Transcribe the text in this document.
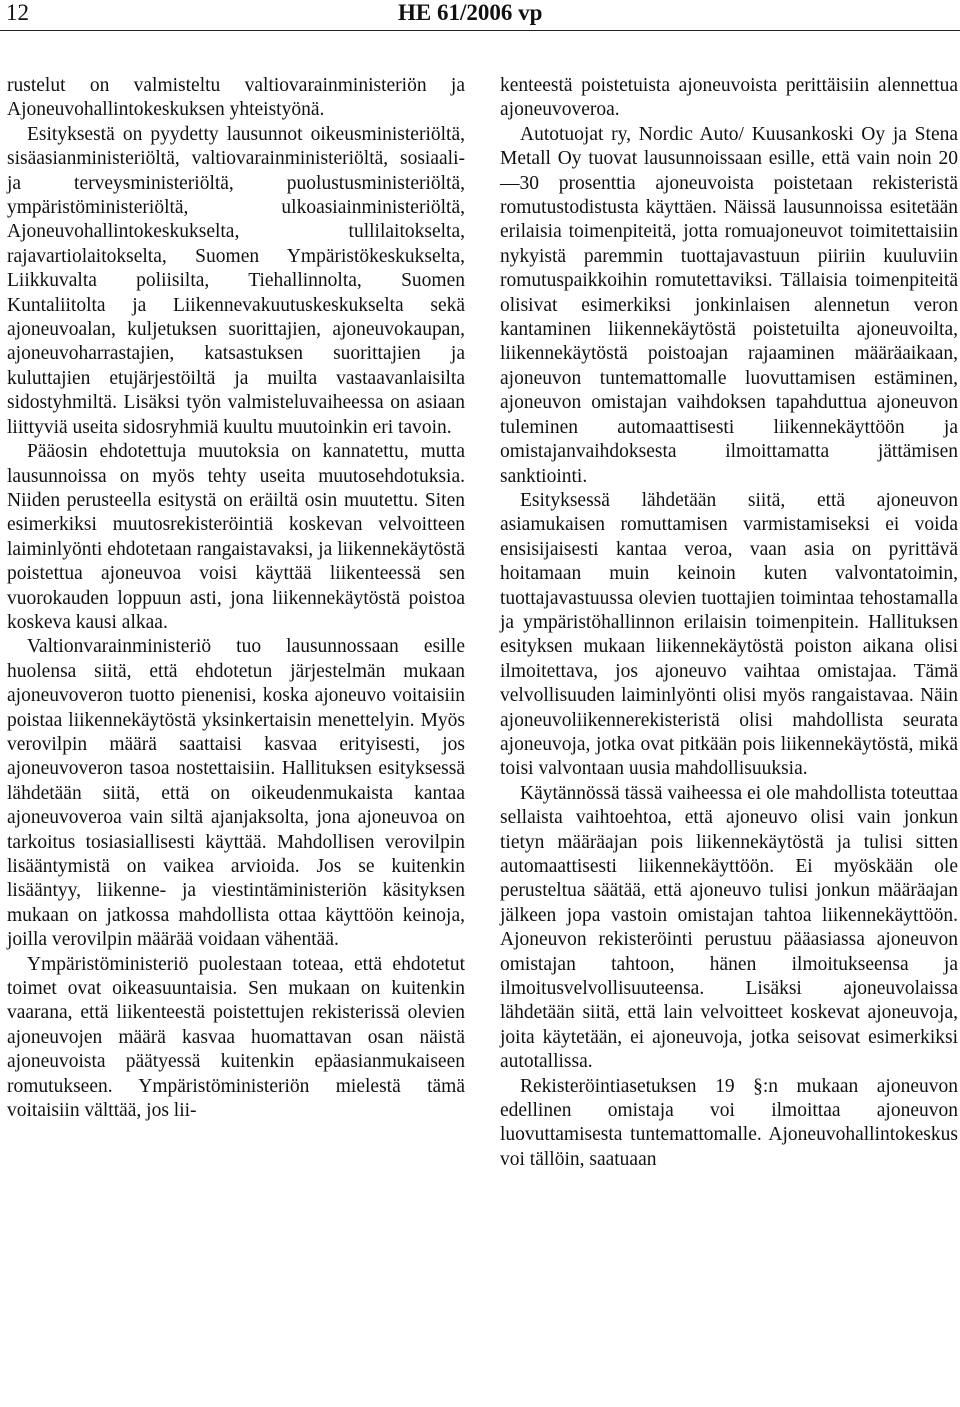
12	HE 61/2006 vp

rustelut on valmisteltu valtiovarainministeriön ja Ajoneuvohallintokeskuksen yhteistyönä.

Esityksestä on pyydetty lausunnot oikeusministeriöltä, sisäasianministeriöltä, valtiovarainministeriöltä, sosiaali- ja terveysministeriöltä, puolustusministeriöltä, ympäristöministeriöltä, ulkoasiainministeriöltä, Ajoneuvohallintokeskukselta, tullilaitokselta, rajavartiolaitokselta, Suomen Ympäristökeskukselta, Liikkuvalta poliisilta, Tiehallinnolta, Suomen Kuntaliitolta ja Liikennevakuutuskeskukselta sekä ajoneuvoalan, kuljetuksen suorittajien, ajoneuvokaupan, ajoneuvoharrastajien, katsastuksen suorittajien ja kuluttajien etujärjestöiltä ja muilta vastaavanlaisilta sidostyhmiltä. Lisäksi työn valmisteluvaiheessa on asiaan liittyviä useita sidosryhmiä kuultu muutoinkin eri tavoin.

Pääosin ehdotettuja muutoksia on kannatettu, mutta lausunnoissa on myös tehty useita muutosehdotuksia. Niiden perusteella esitystä on eräiltä osin muutettu. Siten esimerkiksi muutosrekisteröintiä koskevan velvoitteen laiminlyönti ehdotetaan rangaistavaksi, ja liikennekäytöstä poistettua ajoneuvoa voisi käyttää liikenteessä sen vuorokauden loppuun asti, jona liikennekäytöstä poistoa koskeva kausi alkaa.

Valtionvarainministeriö tuo lausunnossaan esille huolensa siitä, että ehdotetun järjestelmän mukaan ajoneuvoveron tuotto pienenisi, koska ajoneuvo voitaisiin poistaa liikennekäytöstä yksinkertaisin menettelyin. Myös verovilpin määrä saattaisi kasvaa erityisesti, jos ajoneuvoveron tasoa nostettaisiin. Hallituksen esityksessä lähdetään siitä, että on oikeudenmukaista kantaa ajoneuvoveroa vain siltä ajanjaksolta, jona ajoneuvoa on tarkoitus tosiasiallisesti käyttää. Mahdollisen verovilpin lisääntymistä on vaikea arvioida. Jos se kuitenkin lisääntyy, liikenne- ja viestintäministeriön käsityksen mukaan on jatkossa mahdollista ottaa käyttöön keinoja, joilla verovilpin määrää voidaan vähentää.

Ympäristöministeriö puolestaan toteaa, että ehdotetut toimet ovat oikeasuuntaisia. Sen mukaan on kuitenkin vaarana, että liikenteestä poistettujen rekisterissä olevien ajoneuvojen määrä kasvaa huomattavan osan näistä ajoneuvoista päätyessä kuitenkin epäasianmukaiseen romutukseen. Ympäristöministeriön mielestä tämä voitaisiin välttää, jos lii-

kenteestä poistetuista ajoneuvoista perittäisiin alennettua ajoneuvoveroa.

Autotuojat ry, Nordic Auto/ Kuusankoski Oy ja Stena Metall Oy tuovat lausunnoissaan esille, että vain noin 20—30 prosenttia ajoneuvoista poistetaan rekisteristä romutustodistusta käyttäen. Näissä lausunnoissa esitetään erilaisia toimenpiteitä, jotta romuajoneuvot toimitettaisiin nykyistä paremmin tuottajavastuun piiriin kuuluviin romutuspaikkoihin romutettaviksi. Tällaisia toimenpiteitä olisivat esimerkiksi jonkinlaisen alennetun veron kantaminen liikennekäytöstä poistetuilta ajoneuvoilta, liikennekäytöstä poistoajan rajaaminen määräaikaan, ajoneuvon tuntemattomalle luovuttamisen estäminen, ajoneuvon omistajan vaihdoksen tapahduttua ajoneuvon tuleminen automaattisesti liikennekäyttöön ja omistajanvaihdoksesta ilmoittamatta jättämisen sanktiointi.

Esityksessä lähdetään siitä, että ajoneuvon asiamukaisen romuttamisen varmistamiseksi ei voida ensisijaisesti kantaa veroa, vaan asia on pyrittävä hoitamaan muin keinoin kuten valvontatoimin, tuottajavastuussa olevien tuottajien toimintaa tehostamalla ja ympäristöhallinnon erilaisin toimenpitein. Hallituksen esityksen mukaan liikennekäytöstä poiston aikana olisi ilmoitettava, jos ajoneuvo vaihtaa omistajaa. Tämä velvollisuuden laiminlyönti olisi myös rangaistavaa. Näin ajoneuvoliikennerekisteristä olisi mahdollista seurata ajoneuvoja, jotka ovat pitkään pois liikennekäytöstä, mikä toisi valvontaan uusia mahdollisuuksia.

Käytännössä tässä vaiheessa ei ole mahdollista toteuttaa sellaista vaihtoehtoa, että ajoneuvo olisi vain jonkun tietyn määräajan pois liikennekäytöstä ja tulisi sitten automaattisesti liikennekäyttöön. Ei myöskään ole perusteltua säätää, että ajoneuvo tulisi jonkun määräajan jälkeen jopa vastoin omistajan tahtoa liikennekäyttöön. Ajoneuvon rekisteröinti perustuu pääasiassa ajoneuvon omistajan tahtoon, hänen ilmoitukseensa ja ilmoitusvelvollisuuteensa. Lisäksi ajoneuvolaissa lähdetään siitä, että lain velvoitteet koskevat ajoneuvoja, joita käytetään, ei ajoneuvoja, jotka seisovat esimerkiksi autotallissa.

Rekisteröintiasetuksen 19 §:n mukaan ajoneuvon edellinen omistaja voi ilmoittaa ajoneuvon luovuttamisesta tuntemattomalle. Ajoneuvohallintokeskus voi tällöin, saatuaan
